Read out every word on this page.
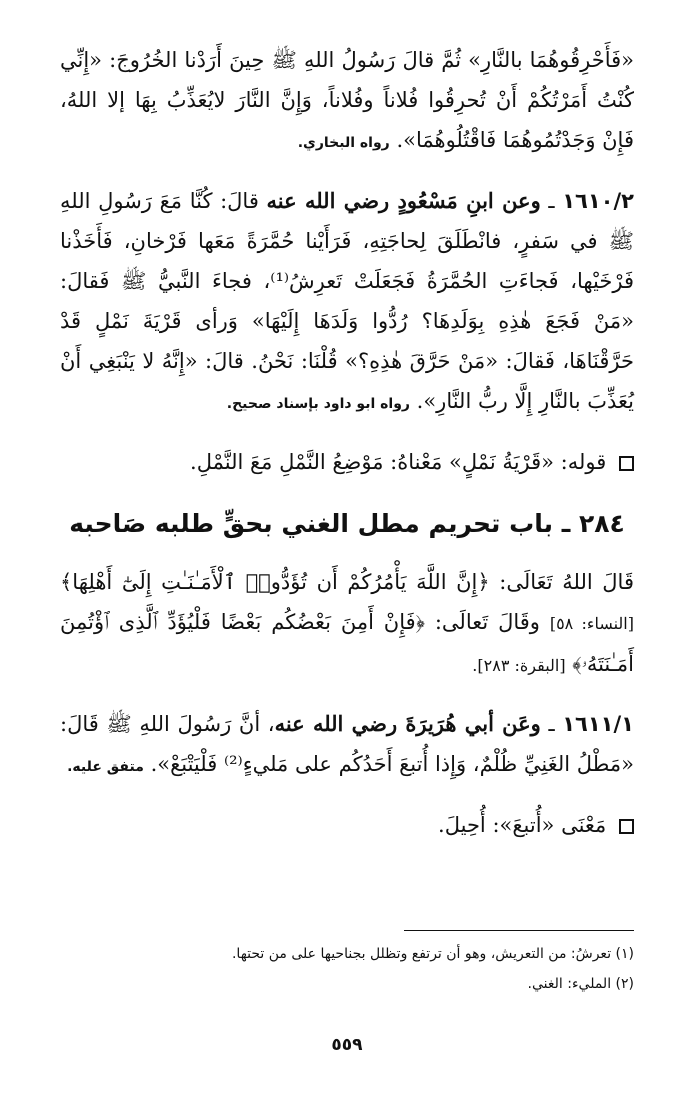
«فَأَحْرِقُوهُمَا بالنَّارِ» ثُمَّ قالَ رَسُولُ اللهِ ﷺ حِينَ أَرَدْنا الخُرُوجَ: «إِنِّي كُنْتُ أَمَرْتُكُمْ أَنْ تُحرِقُوا فُلاناً وفُلاناً، وَإِنَّ النَّارَ لايُعَذِّبُ بِهَا إلا اللهُ، فَإِنْ وَجَدْتُمُوهُمَا فَاقْتُلُوهُمَا». رواه البخاري.

١٦١٠/٢ ـ وعن ابنِ مَسْعُودٍ رضي الله عنه قالَ: كُنَّا مَعَ رَسُولِ اللهِ ﷺ في سَفرٍ، فانْطَلَقَ لِحاجَتِهِ، فَرَأَيْنا حُمَّرَةً مَعَها فَرْخانِ، فَأَخَذْنا فَرْخَيْها، فَجاءَتِ الحُمَّرَةُ فَجَعَلَتْ تَعرِشُ⁽¹⁾، فجاءَ النَّبيُّ ﷺ فَقالَ: «مَنْ فَجَعَ هٰذِهِ بِوَلَدِهَا؟ رُدُّوا وَلَدَهَا إِلَيْهَا» وَرأى قَرْيَةَ نَمْلٍ قَدْ حَرَّقْنَاهَا، فَقالَ: «مَنْ حَرَّقَ هٰذِهِ؟» قُلْنَا: نَحْنُ. قالَ: «إِنَّهُ لا يَنْبَغِي أَنْ يُعَذِّبَ بالنَّارِ إِلَّا ربُّ النَّارِ». رواه ابو داود بإسناد صحيح.

قوله: «قَرْيَةُ نَمْلٍ» مَعْناهُ: مَوْضِعُ النَّمْلِ مَعَ النَّمْلِ.

٢٨٤ ـ باب تحريم مطل الغني بحقٍّ طلبه صَاحبه

قَالَ اللهُ تَعَالَى: ﴿إِنَّ اللَّهَ يَأْمُرُكُمْ أَن تُؤَدُّوا۟ ٱلْأَمَـٰنَـٰتِ إِلَىٰٓ أَهْلِهَا﴾ [النساء: ٥٨] وقَالَ تَعالَى: ﴿فَإِنْ أَمِنَ بَعْضُكُم بَعْضًا فَلْيُؤَدِّ ٱلَّذِى ٱؤْتُمِنَ أَمَـٰنَتَهُۥ﴾ [البقرة: ٢٨٣].

١٦١١/١ ـ وعَن أبي هُرَيرَةَ رضي الله عنه، أنَّ رَسُولَ اللهِ ﷺ قَالَ: «مَطْلُ الغَنِيِّ ظُلْمٌ، وَإِذا أُتبعَ أَحَدُكُم على مَليءٍ⁽²⁾ فَلْيَتْبَعْ». متفق عليه.

مَعْنَى «أُتبعَ»: أُحِيلَ.

(١) تعرشُ: من التعريش، وهو أن ترتفع وتظلل بجناحيها على من تحتها.

(٢) المليء: الغني.

٥٥٩
